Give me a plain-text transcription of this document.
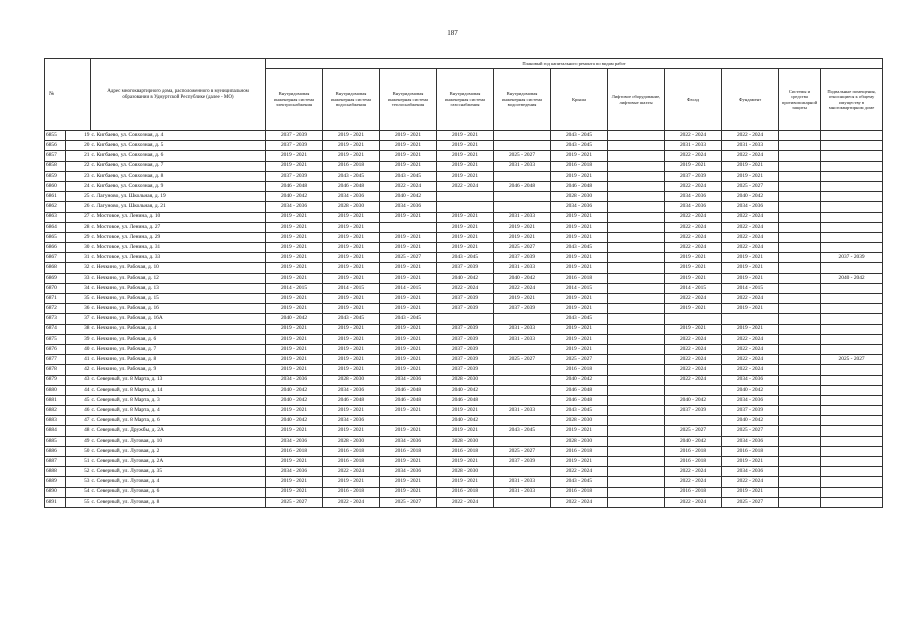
187
№		Адрес многоквартирного дома, расположенного в муниципальном образовании в Удмуртской Республике (далее - МО)	Плановый год капитального ремонта по видам работ										
			Внутридомовая инженерная система электроснабжения	Внутридомовая инженерная система водоснабжения	Внутридомовая инженерная система теплоснабжения	Внутридомовая инженерная система газоснабжения	Внутридомовая инженерная система водоотведения	Крыша	Лифтовое оборудование, лифтовые шахты	Фасад	Фундамент	Системы и средства противопожарной защиты	Подвальные помещения, относящиеся к общему имуществу в многоквартирном доме
6855	19	с. Кигбаево, ул. Совхозная, д. 4	2037 - 2039	2019 - 2021	2019 - 2021	2019 - 2021		2043 - 2045		2022 - 2024	2022 - 2024		
6856	20	с. Кигбаево, ул. Совхозная, д. 5	2037 - 2039	2019 - 2021	2019 - 2021	2019 - 2021		2043 - 2045		2031 - 2033	2031 - 2033		
6857	21	с. Кигбаево, ул. Совхозная, д. 6	2019 - 2021	2019 - 2021	2019 - 2021	2019 - 2021	2025 - 2027	2019 - 2021		2022 - 2024	2022 - 2024		
6858	22	с. Кигбаево, ул. Совхозная, д. 7	2019 - 2021	2016 - 2018	2019 - 2021	2019 - 2021	2031 - 2033	2016 - 2018		2019 - 2021	2019 - 2021		
6859	23	с. Кигбаево, ул. Совхозная, д. 8	2037 - 2039	2043 - 2045	2043 - 2045	2019 - 2021		2019 - 2021		2037 - 2039	2019 - 2021		
6860	24	с. Кигбаево, ул. Совхозная, д. 9	2046 - 2048	2046 - 2048	2022 - 2024	2022 - 2024	2046 - 2048	2046 - 2048		2022 - 2024	2025 - 2027		
6861	25	с. Лагуново, ул. Школьная, д. 19	2040 - 2042	2034 - 2036	2040 - 2042			2028 - 2030		2034 - 2036	2040 - 2042		
6862	26	с. Лагуново, ул. Школьная, д. 21	2034 - 2036	2028 - 2030	2034 - 2036			2034 - 2036		2034 - 2036	2034 - 2036		
6863	27	с. Мостовое, ул. Ленина, д. 10	2019 - 2021	2019 - 2021	2019 - 2021	2019 - 2021	2031 - 2033	2019 - 2021		2022 - 2024	2022 - 2024		
6864	28	с. Мостовое, ул. Ленина, д. 27	2019 - 2021	2019 - 2021		2019 - 2021	2019 - 2021	2019 - 2021		2022 - 2024	2022 - 2024		
6865	29	с. Мостовое, ул. Ленина, д. 29	2019 - 2021	2019 - 2021	2019 - 2021	2019 - 2021	2019 - 2021	2019 - 2021		2022 - 2024	2022 - 2024		
6866	30	с. Мостовое, ул. Ленина, д. 31	2019 - 2021	2019 - 2021	2019 - 2021	2019 - 2021	2025 - 2027	2043 - 2045		2022 - 2024	2022 - 2024		
6867	31	с. Мостовое, ул. Ленина, д. 33	2019 - 2021	2019 - 2021	2025 - 2027	2043 - 2045	2037 - 2039	2019 - 2021		2019 - 2021	2019 - 2021		2037 - 2039
6868	32	с. Нечкино, ул. Рабочая, д. 10	2019 - 2021	2019 - 2021	2019 - 2021	2037 - 2039	2031 - 2033	2019 - 2021		2019 - 2021	2019 - 2021		
6869	33	с. Нечкино, ул. Рабочая, д. 12	2019 - 2021	2019 - 2021	2019 - 2021	2040 - 2042	2040 - 2042	2016 - 2018		2019 - 2021	2019 - 2021		2040 - 2042
6870	34	с. Нечкино, ул. Рабочая, д. 13	2014 - 2015	2014 - 2015	2014 - 2015	2022 - 2024	2022 - 2024	2014 - 2015		2014 - 2015	2014 - 2015		
6871	35	с. Нечкино, ул. Рабочая, д. 15	2019 - 2021	2019 - 2021	2019 - 2021	2037 - 2039	2019 - 2021	2019 - 2021		2022 - 2024	2022 - 2024		
6872	36	с. Нечкино, ул. Рабочая, д. 16	2019 - 2021	2019 - 2021	2019 - 2021	2037 - 2039	2037 - 2039	2019 - 2021		2019 - 2021	2019 - 2021		
6873	37	с. Нечкино, ул. Рабочая, д. 16А	2040 - 2042	2043 - 2045	2043 - 2045			2043 - 2045					
6874	38	с. Нечкино, ул. Рабочая, д. 4	2019 - 2021	2019 - 2021	2019 - 2021	2037 - 2039	2031 - 2033	2019 - 2021		2019 - 2021	2019 - 2021		
6875	39	с. Нечкино, ул. Рабочая, д. 6	2019 - 2021	2019 - 2021	2019 - 2021	2037 - 2039	2031 - 2033	2019 - 2021		2022 - 2024	2022 - 2024		
6876	40	с. Нечкино, ул. Рабочая, д. 7	2019 - 2021	2019 - 2021	2019 - 2021	2037 - 2039		2019 - 2021		2022 - 2024	2022 - 2024		
6877	41	с. Нечкино, ул. Рабочая, д. 8	2019 - 2021	2019 - 2021	2019 - 2021	2037 - 2039	2025 - 2027	2025 - 2027		2022 - 2024	2022 - 2024		2025 - 2027
6878	42	с. Нечкино, ул. Рабочая, д. 9	2019 - 2021	2019 - 2021	2019 - 2021	2037 - 2039		2016 - 2018		2022 - 2024	2022 - 2024		
6879	43	с. Северный, ул. 8 Марта, д. 13	2034 - 2036	2028 - 2030	2034 - 2036	2028 - 2030		2040 - 2042		2022 - 2024	2034 - 2036		
6880	44	с. Северный, ул. 8 Марта, д. 14	2040 - 2042	2034 - 2036	2046 - 2048	2040 - 2042		2046 - 2048			2040 - 2042		
6881	45	с. Северный, ул. 8 Марта, д. 3	2040 - 2042	2046 - 2048	2046 - 2048	2046 - 2048		2046 - 2048		2040 - 2042	2034 - 2036		
6882	46	с. Северный, ул. 8 Марта, д. 4	2019 - 2021	2019 - 2021	2019 - 2021	2019 - 2021	2031 - 2033	2043 - 2045		2037 - 2039	2037 - 2039		
6883	47	с. Северный, ул. 8 Марта, д. 6	2040 - 2042	2034 - 2036		2040 - 2042		2028 - 2030			2040 - 2042		
6884	48	с. Северный, ул. Дружбы, д. 2А	2019 - 2021	2019 - 2021	2019 - 2021	2019 - 2021	2043 - 2045	2019 - 2021		2025 - 2027	2025 - 2027		
6885	49	с. Северный, ул. Луговая, д. 10	2034 - 2036	2028 - 2030	2034 - 2036	2028 - 2030		2028 - 2030		2040 - 2042	2034 - 2036		
6886	50	с. Северный, ул. Луговая, д. 2	2016 - 2018	2016 - 2018	2016 - 2018	2016 - 2018	2025 - 2027	2016 - 2018		2016 - 2018	2016 - 2018		
6887	51	с. Северный, ул. Луговая, д. 2А	2019 - 2021	2016 - 2018	2019 - 2021	2019 - 2021	2037 - 2039	2019 - 2021		2016 - 2018	2019 - 2021		
6888	52	с. Северный, ул. Луговая, д. 35	2034 - 2036	2022 - 2024	2034 - 2036	2028 - 2030		2022 - 2024		2022 - 2024	2034 - 2036		
6889	53	с. Северный, ул. Луговая, д. 4	2019 - 2021	2019 - 2021	2019 - 2021	2019 - 2021	2031 - 2033	2043 - 2045		2022 - 2024	2022 - 2024		
6890	54	с. Северный, ул. Луговая, д. 6	2019 - 2021	2016 - 2018	2019 - 2021	2016 - 2018	2031 - 2033	2016 - 2018		2016 - 2018	2019 - 2021		
6891	55	с. Северный, ул. Луговая, д. 8	2025 - 2027	2022 - 2024	2025 - 2027	2022 - 2024		2022 - 2024		2022 - 2024	2025 - 2027		
